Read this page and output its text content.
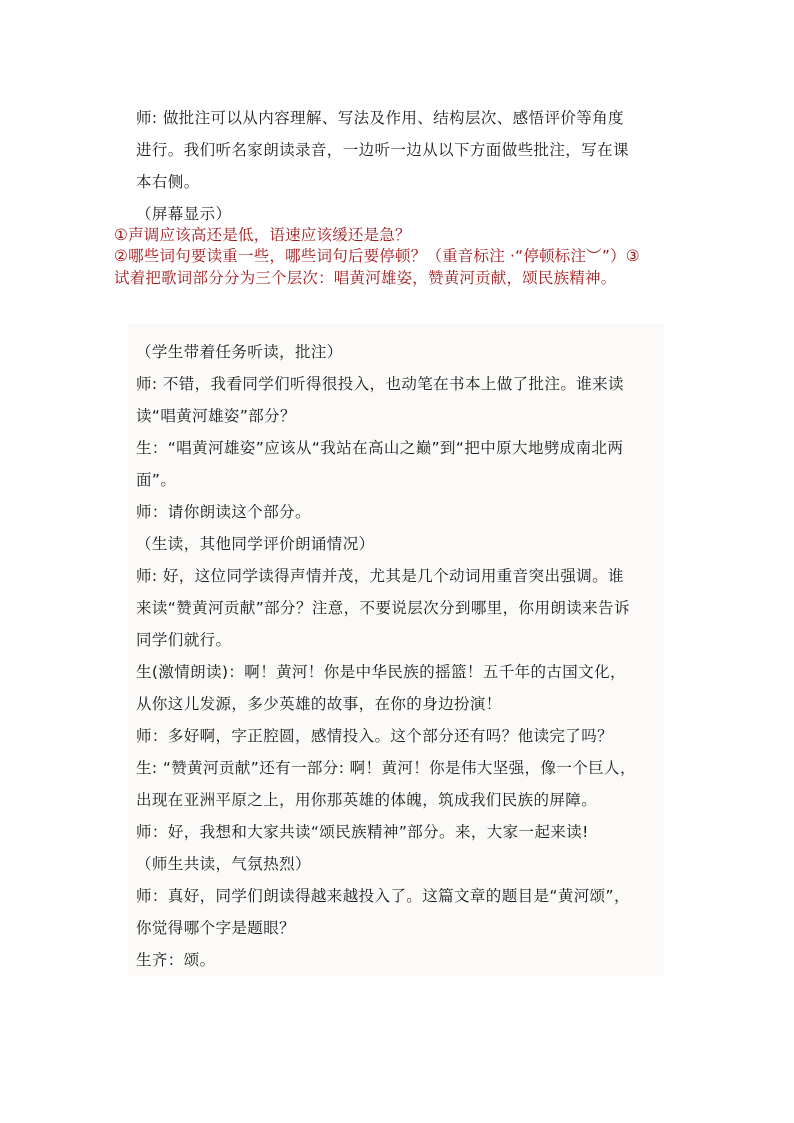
师: 做批注可以从内容理解、写法及作用、结构层次、感悟评价等角度
进行。我们听名家朗读录音，一边听一边从以下方面做些批注，写在课
本右侧。
（屏幕显示）
①声调应该高还是低，语速应该缓还是急？
②哪些词句要读重一些，哪些词句后要停顿？（重音标注 ·“停顿标注︶”）③
试着把歌词部分分为三个层次：唱黄河雄姿，赞黄河贡献，颂民族精神。
（学生带着任务听读，批注）
师: 不错，我看同学们听得很投入，也动笔在书本上做了批注。谁来读
读“唱黄河雄姿”部分？
生：“唱黄河雄姿”应该从“我站在高山之巅”到“把中原大地劈成南北两
面”。
师：请你朗读这个部分。
（生读，其他同学评价朗诵情况）
师: 好，这位同学读得声情并茂，尤其是几个动词用重音突出强调。谁
来读“赞黄河贡献”部分？注意，不要说层次分到哪里，你用朗读来告诉
同学们就行。
生(激情朗读)：啊！黄河！你是中华民族的摇篮！五千年的古国文化，
从你这儿发源，多少英雄的故事，在你的身边扮演！
师：多好啊，字正腔圆，感情投入。这个部分还有吗？他读完了吗？
生: “赞黄河贡献”还有一部分: 啊！黄河！你是伟大坚强，像一个巨人，
出现在亚洲平原之上，用你那英雄的体魄，筑成我们民族的屏障。
师：好，我想和大家共读“颂民族精神”部分。来，大家一起来读!
（师生共读，气氛热烈）
师：真好，同学们朗读得越来越投入了。这篇文章的题目是“黄河颂”，
你觉得哪个字是题眼？
生齐：颂。
